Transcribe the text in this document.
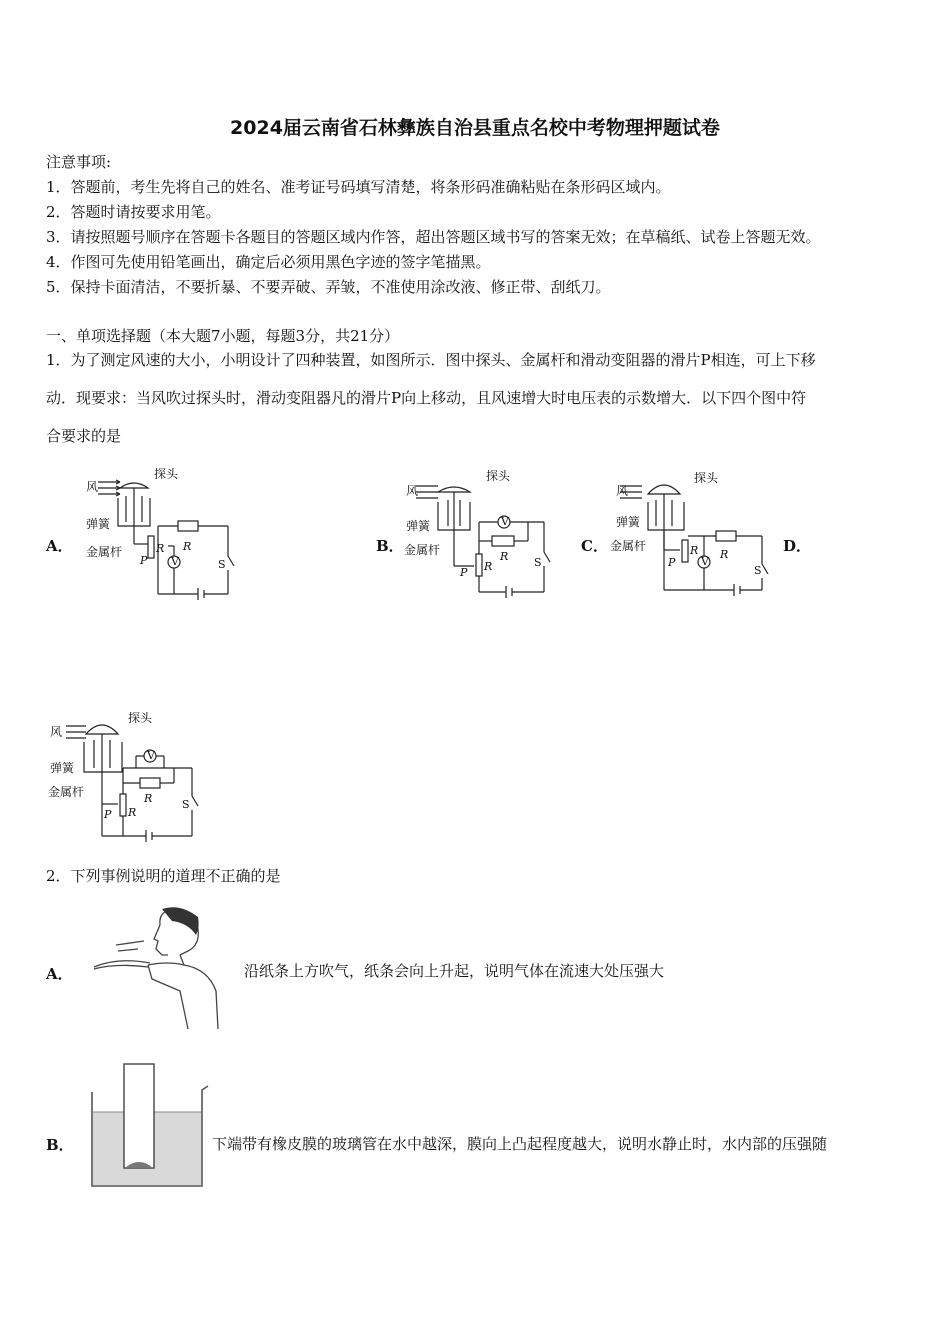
2024届云南省石林彝族自治县重点名校中考物理押题试卷
注意事项:
1．答题前，考生先将自己的姓名、准考证号码填写清楚，将条形码准确粘贴在条形码区域内。
2．答题时请按要求用笔。
3．请按照题号顺序在答题卡各题目的答题区域内作答，超出答题区域书写的答案无效；在草稿纸、试卷上答题无效。
4．作图可先使用铅笔画出，确定后必须用黑色字迹的签字笔描黑。
5．保持卡面清洁，不要折暴、不要弄破、弄皱，不准使用涂改液、修正带、刮纸刀。
一、单项选择题（本大题7小题，每题3分，共21分）
1．为了测定风速的大小，小明设计了四种装置，如图所示．图中探头、金属杆和滑动变阻器的滑片P相连，可上下移
动．现要求：当风吹过探头时，滑动变阻器凡的滑片P向上移动，且风速增大时电压表的示数增大．以下四个图中符
合要求的是
A．	B．	C．	D．
风
探头
弹簧
金属杆
P
R R
V	S
风
探头
弹簧
金属杆
P R
R
V
S
风
探头
弹簧
金属杆
P
R R
V
S
风
探头
弹簧
金属杆
P R
R
V
S
2．下列事例说明的道理不正确的是
A．	沿纸条上方吹气，纸条会向上升起，说明气体在流速大处压强大
B．	下端带有橡皮膜的玻璃管在水中越深，膜向上凸起程度越大，说明水静止时，水内部的压强随
